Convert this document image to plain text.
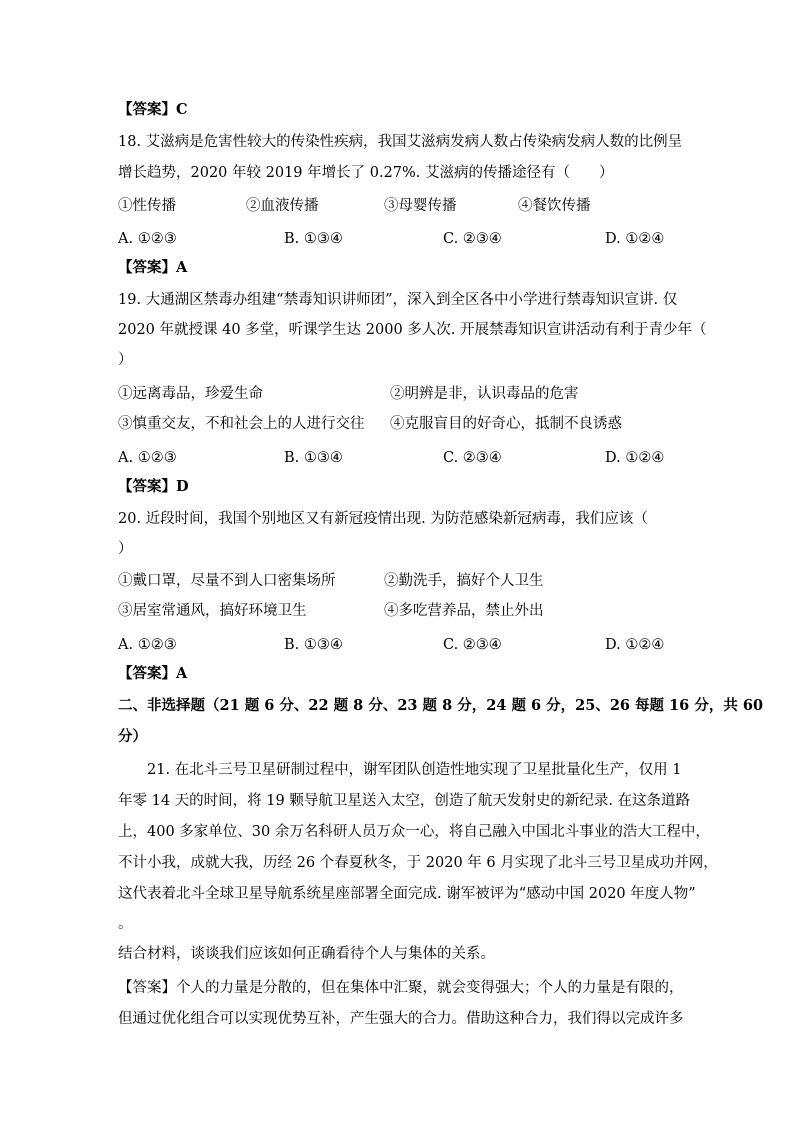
【答案】C
18. 艾滋病是危害性较大的传染性疾病，我国艾滋病发病人数占传染病发病人数的比例呈
增长趋势，2020 年较 2019 年增长了 0.27%. 艾滋病的传播途径有（　　）
①性传播	②血液传播	③母婴传播	④餐饮传播
A. ①②③	B. ①③④	C. ②③④	D. ①②④
【答案】A
19. 大通湖区禁毒办组建“禁毒知识讲师团”，深入到全区各中小学进行禁毒知识宣讲. 仅
2020 年就授课 40 多堂，听课学生达 2000 多人次. 开展禁毒知识宣讲活动有利于青少年（
）
①远离毒品，珍爱生命	②明辨是非，认识毒品的危害
③慎重交友，不和社会上的人进行交往 ④克服盲目的好奇心，抵制不良诱惑
A. ①②③	B. ①③④	C. ②③④	D. ①②④
【答案】D
20. 近段时间，我国个别地区又有新冠疫情出现. 为防范感染新冠病毒，我们应该（
）
①戴口罩，尽量不到人口密集场所	②勤洗手，搞好个人卫生
③居室常通风，搞好环境卫生	④多吃营养品，禁止外出
A. ①②③	B. ①③④	C. ②③④	D. ①②④
【答案】A
二、非选择题（21 题 6 分、22 题 8 分、23 题 8 分，24 题 6 分，25、26 每题 16 分，共 60
分）
　　21. 在北斗三号卫星研制过程中，谢军团队创造性地实现了卫星批量化生产，仅用 1
年零 14 天的时间，将 19 颗导航卫星送入太空，创造了航天发射史的新纪录. 在这条道路
上，400 多家单位、30 余万名科研人员万众一心，将自己融入中国北斗事业的浩大工程中，
不计小我，成就大我，历经 26 个春夏秋冬，于 2020 年 6 月实现了北斗三号卫星成功并网，
这代表着北斗全球卫星导航系统星座部署全面完成. 谢军被评为“感动中国 2020 年度人物”
。
结合材料，谈谈我们应该如何正确看待个人与集体的关系。
【答案】个人的力量是分散的，但在集体中汇聚，就会变得强大；个人的力量是有限的，
但通过优化组合可以实现优势互补，产生强大的合力。借助这种合力，我们得以完成许多
